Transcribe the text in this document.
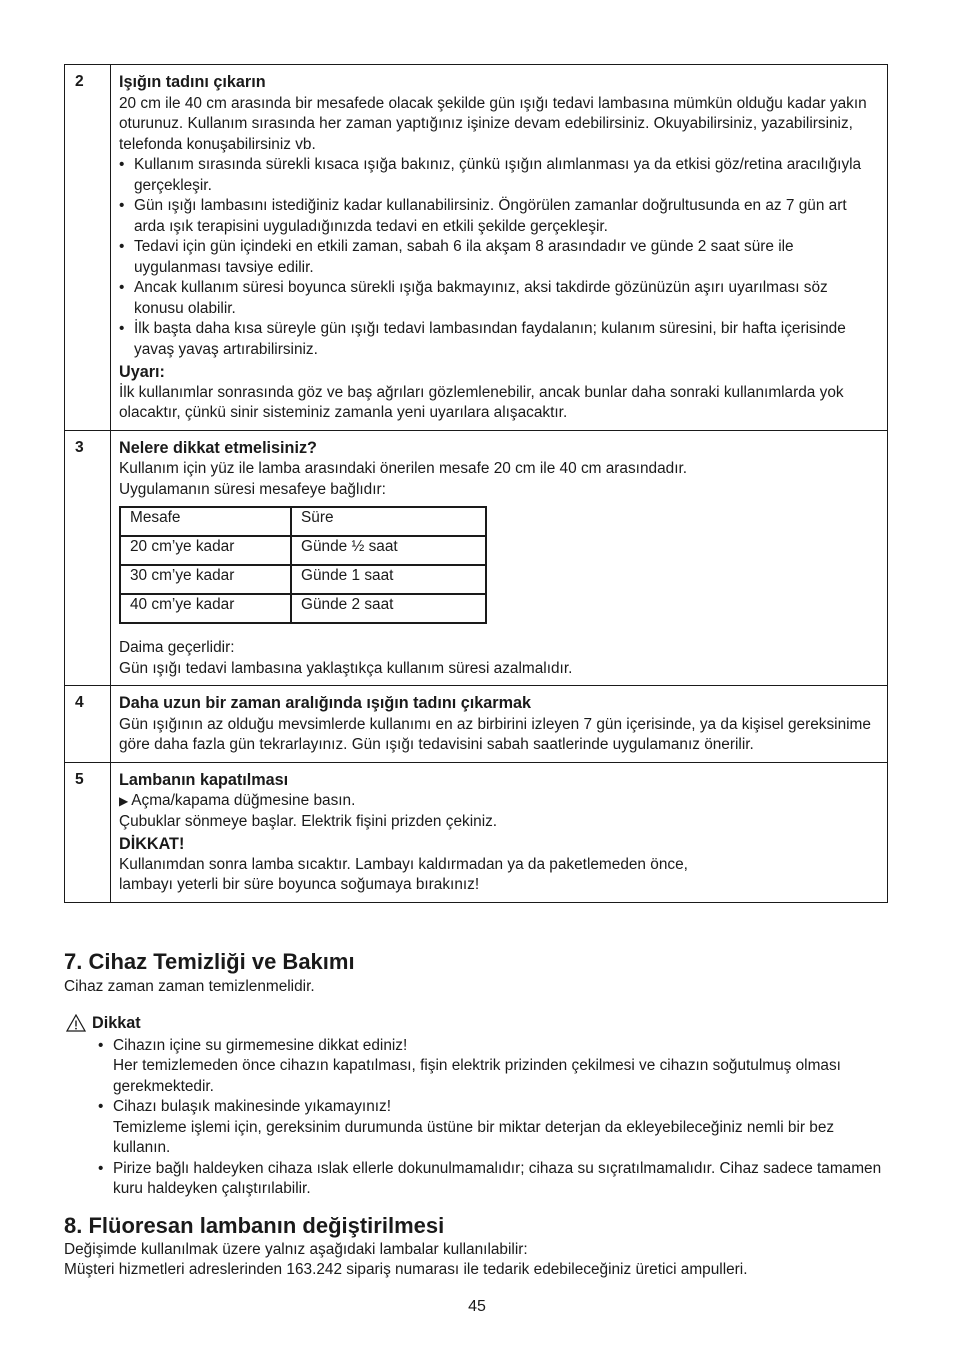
2	Işığın tadını çıkarın

20 cm ile 40 cm arasında bir mesafede olacak şekilde gün ışığı tedavi lambasına mümkün olduğu kadar yakın oturunuz. Kullanım sırasında her zaman yaptığınız işinize devam edebilirsiniz. Okuyabilirsiniz, yazabilirsiniz, telefonda konuşabilirsiniz vb.

• Kullanım sırasında sürekli kısaca ışığa bakınız, çünkü ışığın alımlanması ya da etkisi göz/retina aracılığıyla gerçekleşir.
• Gün ışığı lambasını istediğiniz kadar kullanabilirsiniz. Öngörülen zamanlar doğrultusunda en az 7 gün art arda ışık terapisini uyguladığınızda tedavi en etkili şekilde gerçekleşir.
• Tedavi için gün içindeki en etkili zaman, sabah 6 ila akşam 8 arasındadır ve günde 2 saat süre ile uygulanması tavsiye edilir.
• Ancak kullanım süresi boyunca sürekli ışığa bakmayınız, aksi takdirde gözünüzün aşırı uyarılması söz konusu olabilir.
• İlk başta daha kısa süreyle gün ışığı tedavi lambasından faydalanın; kulanım süresini, bir hafta içerisinde yavaş yavaş artırabilirsiniz.
Uyarı:

İlk kullanımlar sonrasında göz ve baş ağrıları gözlemlenebilir, ancak bunlar daha sonraki kullanımlarda yok olacaktır, çünkü sinir sisteminiz zamanla yeni uyarılara alışacaktır.

3	Nelere dikkat etmelisiniz?

Kullanım için yüz ile lamba arasındaki önerilen mesafe 20 cm ile 40 cm arasındadır.

Uygulamanın süresi mesafeye bağlıdır:

Mesafe	Süre
20 cm’ye kadar	Günde ½ saat
30 cm’ye kadar	Günde 1 saat
40 cm’ye kadar	Günde 2 saat

Daima geçerlidir:

Gün ışığı tedavi lambasına yaklaştıkça kullanım süresi azalmalıdır.

4	Daha uzun bir zaman aralığında ışığın tadını çıkarmak

Gün ışığının az olduğu mevsimlerde kullanımı en az birbirini izleyen 7 gün içerisinde, ya da kişisel gereksinime göre daha fazla gün tekrarlayınız. Gün ışığı tedavisini sabah saatlerinde uygulamanız önerilir.

5	Lambanın kapatılması

▶ Açma/kapama düğmesine basın.

Çubuklar sönmeye başlar. Elektrik fişini prizden çekiniz.

DİKKAT!

Kullanımdan sonra lamba sıcaktır. Lambayı kaldırmadan ya da paketlemeden önce,

lambayı yeterli bir süre boyunca soğumaya bırakınız!

7. Cihaz Temizliği ve Bakımı

Cihaz zaman zaman temizlenmelidir.

Dikkat
• Cihazın içine su girmemesine dikkat ediniz!
Her temizlemeden önce cihazın kapatılması, fişin elektrik prizinden çekilmesi ve cihazın soğutulmuş olması gerekmektedir.
• Cihazı bulaşık makinesinde yıkamayınız!
Temizleme işlemi için, gereksinim durumunda üstüne bir miktar deterjan da ekleyebileceğiniz nemli bir bez kullanın.
• Pirize bağlı haldeyken cihaza ıslak ellerle dokunulmamalıdır; cihaza su sıçratılmamalıdır. Cihaz sadece tamamen kuru haldeyken çalıştırılabilir.
8. Flüoresan lambanın değiştirilmesi

Değişimde kullanılmak üzere yalnız aşağıdaki lambalar kullanılabilir:

Müşteri hizmetleri adreslerinden 163.242 sipariş numarası ile tedarik edebileceğiniz üretici ampulleri.

45
